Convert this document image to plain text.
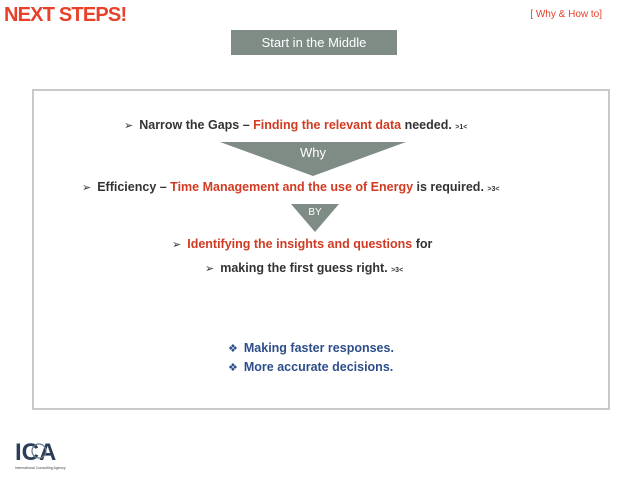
NEXT STEPS!	[ Why & How to]
Start in the Middle
➢ Narrow the Gaps – Finding the relevant data needed. >1<
Why
➢ Efficiency – Time Management and the use of Energy is required. >3<
BY
➢ Identifying the insights and questions for
➢ making the first guess right. >3<
❖ Making faster responses.
❖ More accurate decisions.
ICA
International Consulting Agency
